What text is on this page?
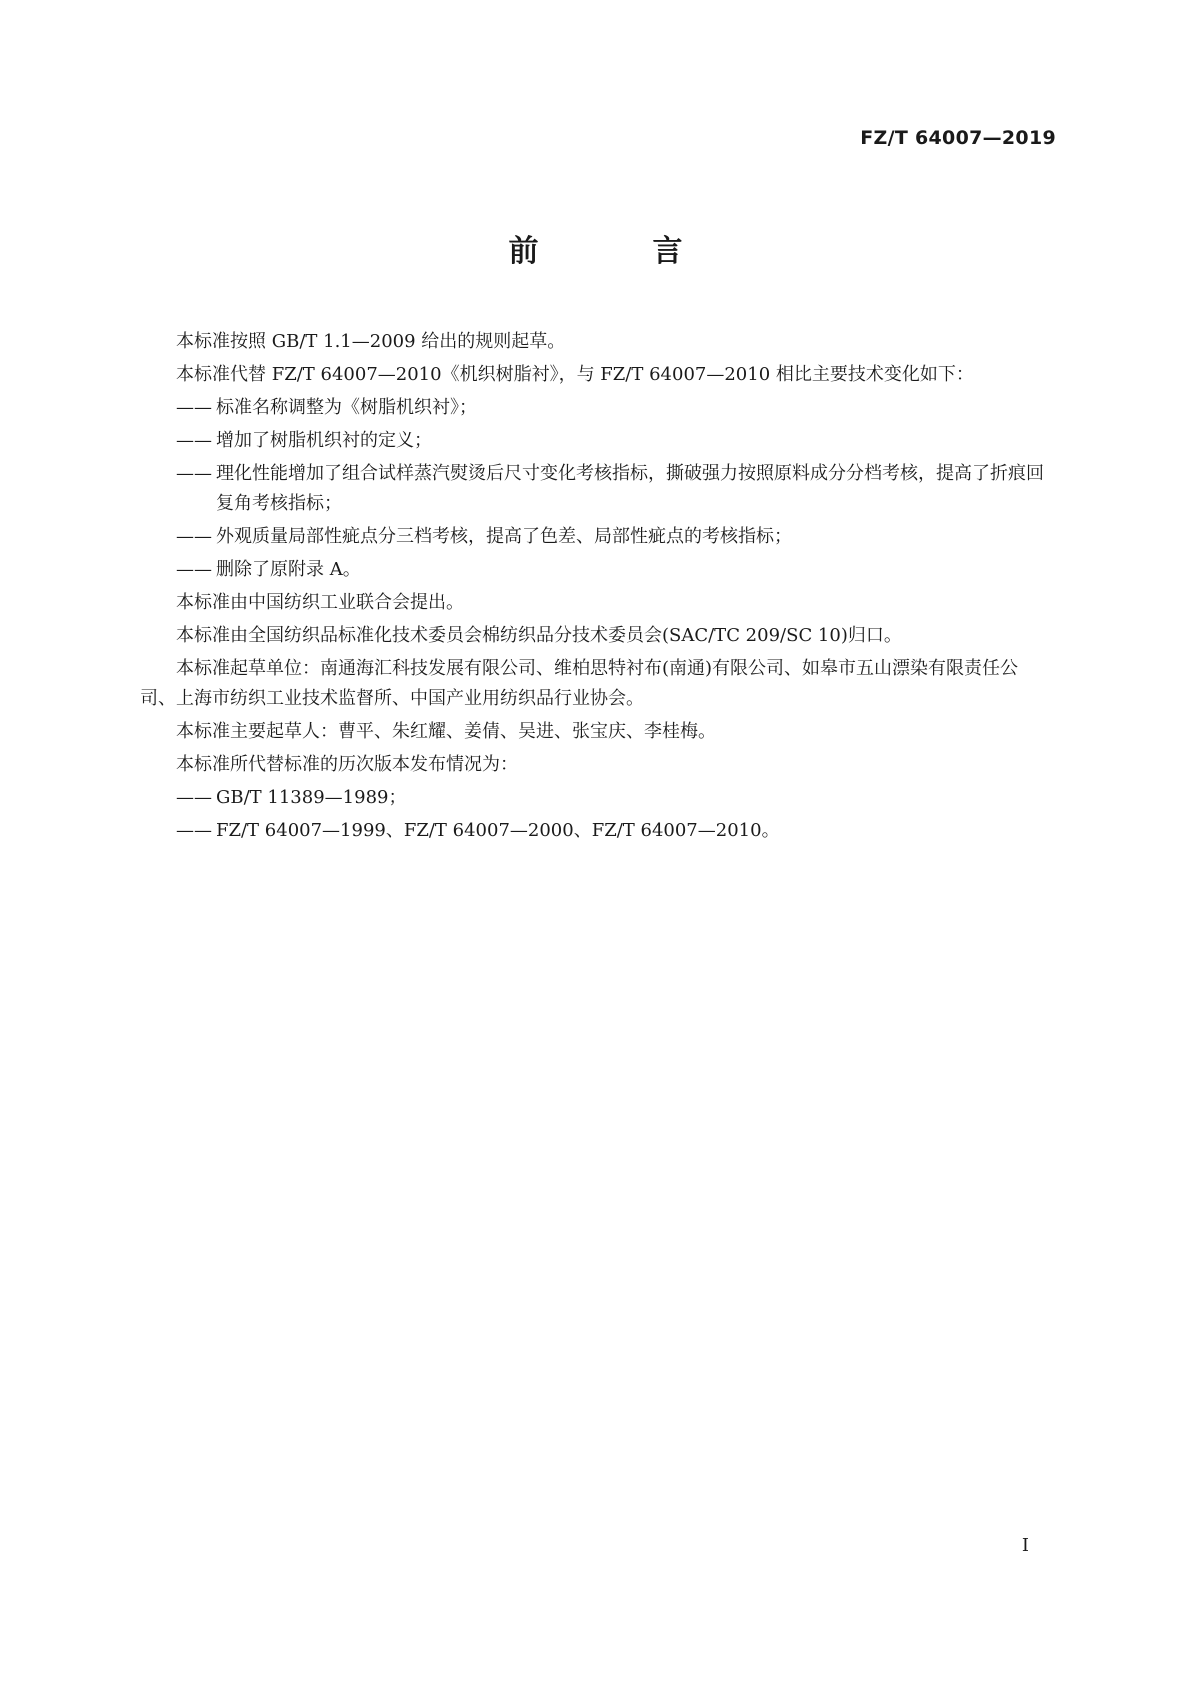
FZ/T 64007—2019
前　言
本标准按照 GB/T 1.1—2009 给出的规则起草。
本标准代替 FZ/T 64007—2010《机织树脂衬》，与 FZ/T 64007—2010 相比主要技术变化如下：
—— 标准名称调整为《树脂机织衬》；
—— 增加了树脂机织衬的定义；
—— 理化性能增加了组合试样蒸汽熨烫后尺寸变化考核指标，撕破强力按照原料成分分档考核，提高了折痕回复角考核指标；
—— 外观质量局部性疵点分三档考核，提高了色差、局部性疵点的考核指标；
—— 删除了原附录 A。
本标准由中国纺织工业联合会提出。
本标准由全国纺织品标准化技术委员会棉纺织品分技术委员会(SAC/TC 209/SC 10)归口。
本标准起草单位：南通海汇科技发展有限公司、维柏思特衬布(南通)有限公司、如皋市五山漂染有限责任公司、上海市纺织工业技术监督所、中国产业用纺织品行业协会。
本标准主要起草人：曹平、朱红耀、姜倩、吴进、张宝庆、李桂梅。
本标准所代替标准的历次版本发布情况为：
—— GB/T 11389—1989；
—— FZ/T 64007—1999、FZ/T 64007—2000、FZ/T 64007—2010。
I
